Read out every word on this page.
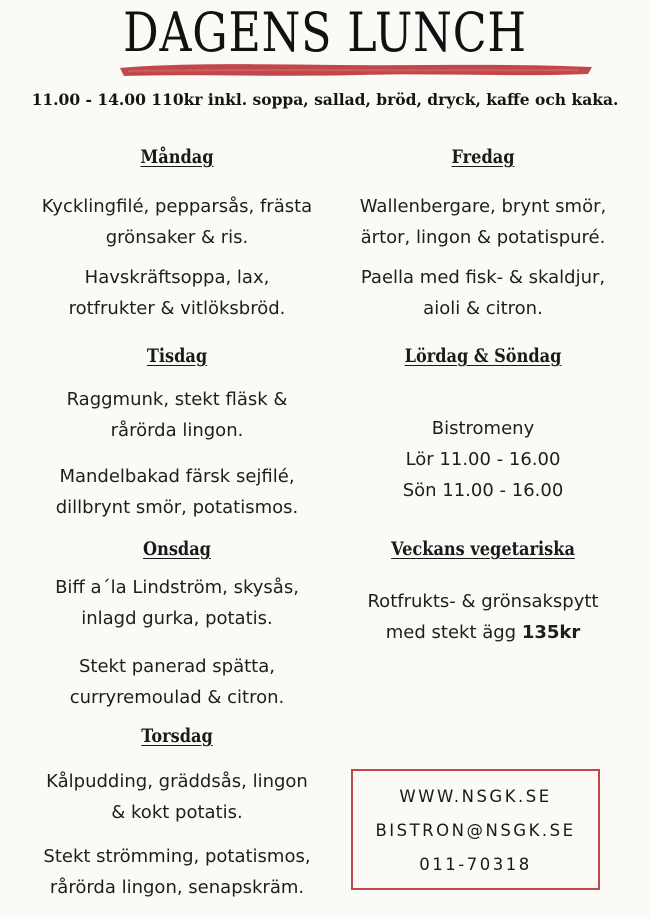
DAGENS LUNCH
11.00 - 14.00 110kr inkl. soppa, sallad, bröd, dryck, kaffe och kaka.
Måndag
Kycklingfilé, pepparsås, frästa
grönsaker & ris.
Havskräftsoppa, lax,
rotfrukter & vitlöksbröd.
Tisdag
Raggmunk, stekt fläsk &
rårörda lingon.
Mandelbakad färsk sejfilé,
dillbrynt smör, potatismos.
Onsdag
Biff a´la Lindström, skysås,
inlagd gurka, potatis.
Stekt panerad spätta,
curryremoulad & citron.
Torsdag
Kålpudding, gräddsås, lingon
& kokt potatis.
Stekt strömming, potatismos,
rårörda lingon, senapskräm.
Fredag
Wallenbergare, brynt smör,
ärtor, lingon & potatispuré.
Paella med fisk- & skaldjur,
aioli & citron.
Lördag & Söndag
Bistromeny
Lör 11.00 - 16.00
Sön 11.00 - 16.00
Veckans vegetariska
Rotfrukts- & grönsakspytt
med stekt ägg 135kr
WWW.NSGK.SE
BISTRON@NSGK.SE
011-70318
